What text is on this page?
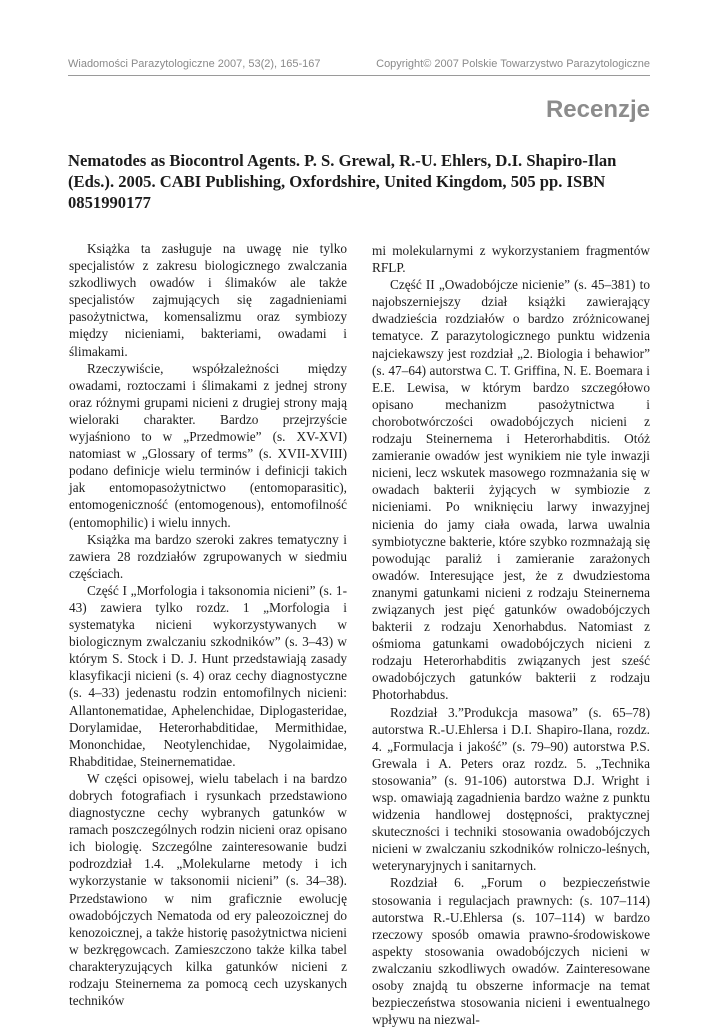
Wiadomości Parazytologiczne 2007, 53(2), 165-167	Copyright© 2007 Polskie Towarzystwo Parazytologiczne
Recenzje
Nematodes as Biocontrol Agents. P. S. Grewal, R.-U. Ehlers, D.I. Shapiro-Ilan (Eds.). 2005. CABI Publishing, Oxfordshire, United Kingdom, 505 pp. ISBN 0851990177

Książka ta zasługuje na uwagę nie tylko specjalistów z zakresu biologicznego zwalczania szkodliwych owadów i ślimaków ale także specjalistów zajmujących się zagadnieniami pasożytnictwa, komensalizmu oraz symbiozy między nicieniami, bakteriami, owadami i ślimakami.

Rzeczywiście, współzależności między owadami, roztoczami i ślimakami z jednej strony oraz różnymi grupami nicieni z drugiej strony mają wieloraki charakter. Bardzo przejrzyście wyjaśniono to w „Przedmowie” (s. XV-XVI) natomiast w „Glossary of terms” (s. XVII-XVIII) podano definicje wielu terminów i definicji takich jak entomopasożytnictwo (entomoparasitic), entomogeniczność (entomogenous), entomofilność (entomophilic) i wielu innych.

Książka ma bardzo szeroki zakres tematyczny i zawiera 28 rozdziałów zgrupowanych w siedmiu częściach.

Część I „Morfologia i taksonomia nicieni” (s. 1-43) zawiera tylko rozdz. 1 „Morfologia i systematyka nicieni wykorzystywanych w biologicznym zwalczaniu szkodników” (s. 3–43) w którym S. Stock i D. J. Hunt przedstawiają zasady klasyfikacji nicieni (s. 4) oraz cechy diagnostyczne (s. 4–33) jedenastu rodzin entomofilnych nicieni: Allantonematidae, Aphelenchidae, Diplogasteridae, Dorylamidae, Heterorhabditidae, Mermithidae, Mononchidae, Neotylenchidae, Nygolaimidae, Rhabditidae, Steinernematidae.

W części opisowej, wielu tabelach i na bardzo dobrych fotografiach i rysunkach przedstawiono diagnostyczne cechy wybranych gatunków w ramach poszczególnych rodzin nicieni oraz opisano ich biologię. Szczególne zainteresowanie budzi podrozdział 1.4. „Molekularne metody i ich wykorzystanie w taksonomii nicieni” (s. 34–38). Przedstawiono w nim graficznie ewolucję owadobójczych Nematoda od ery paleozoicznej do kenozoicznej, a także historię pasożytnictwa nicieni w bezkręgowcach. Zamieszczono także kilka tabel charakteryzujących kilka gatunków nicieni z rodzaju Steinernema za pomocą cech uzyskanych techników

mi molekularnymi z wykorzystaniem fragmentów RFLP.

Część II „Owadobójcze nicienie” (s. 45–381) to najobszerniejszy dział książki zawierający dwadzieścia rozdziałów o bardzo zróżnicowanej tematyce. Z parazytologicznego punktu widzenia najciekawszy jest rozdział „2. Biologia i behawior” (s. 47–64) autorstwa C. T. Griffina, N. E. Boemara i E.E. Lewisa, w którym bardzo szczegółowo opisano mechanizm pasożytnictwa i chorobotwórczości owadobójczych nicieni z rodzaju Steinernema i Heterorhabditis. Otóż zamieranie owadów jest wynikiem nie tyle inwazji nicieni, lecz wskutek masowego rozmnażania się w owadach bakterii żyjących w symbiozie z nicieniami. Po wniknięciu larwy inwazyjnej nicienia do jamy ciała owada, larwa uwalnia symbiotyczne bakterie, które szybko rozmnażają się powodując paraliż i zamieranie zarażonych owadów. Interesujące jest, że z dwudziestoma znanymi gatunkami nicieni z rodzaju Steinernema związanych jest pięć gatunków owadobójczych bakterii z rodzaju Xenorhabdus. Natomiast z ośmioma gatunkami owadobójczych nicieni z rodzaju Heterorhabditis związanych jest sześć owadobójczych gatunków bakterii z rodzaju Photorhabdus.

Rozdział 3.”Produkcja masowa” (s. 65–78) autorstwa R.-U.Ehlersa i D.I. Shapiro-Ilana, rozdz. 4. „Formulacja i jakość” (s. 79–90) autorstwa P.S. Grewala i A. Peters oraz rozdz. 5. „Technika stosowania” (s. 91-106) autorstwa D.J. Wright i wsp. omawiają zagadnienia bardzo ważne z punktu widzenia handlowej dostępności, praktycznej skuteczności i techniki stosowania owadobójczych nicieni w zwalczaniu szkodników rolniczo-leśnych, weterynaryjnych i sanitarnych.

Rozdział 6. „Forum o bezpieczeństwie stosowania i regulacjach prawnych: (s. 107–114) autorstwa R.-U.Ehlersa (s. 107–114) w bardzo rzeczowy sposób omawia prawno-środowiskowe aspekty stosowania owadobójczych nicieni w zwalczaniu szkodliwych owadów. Zainteresowane osoby znajdą tu obszerne informacje na temat bezpieczeństwa stosowania nicieni i ewentualnego wpływu na niezwal-
